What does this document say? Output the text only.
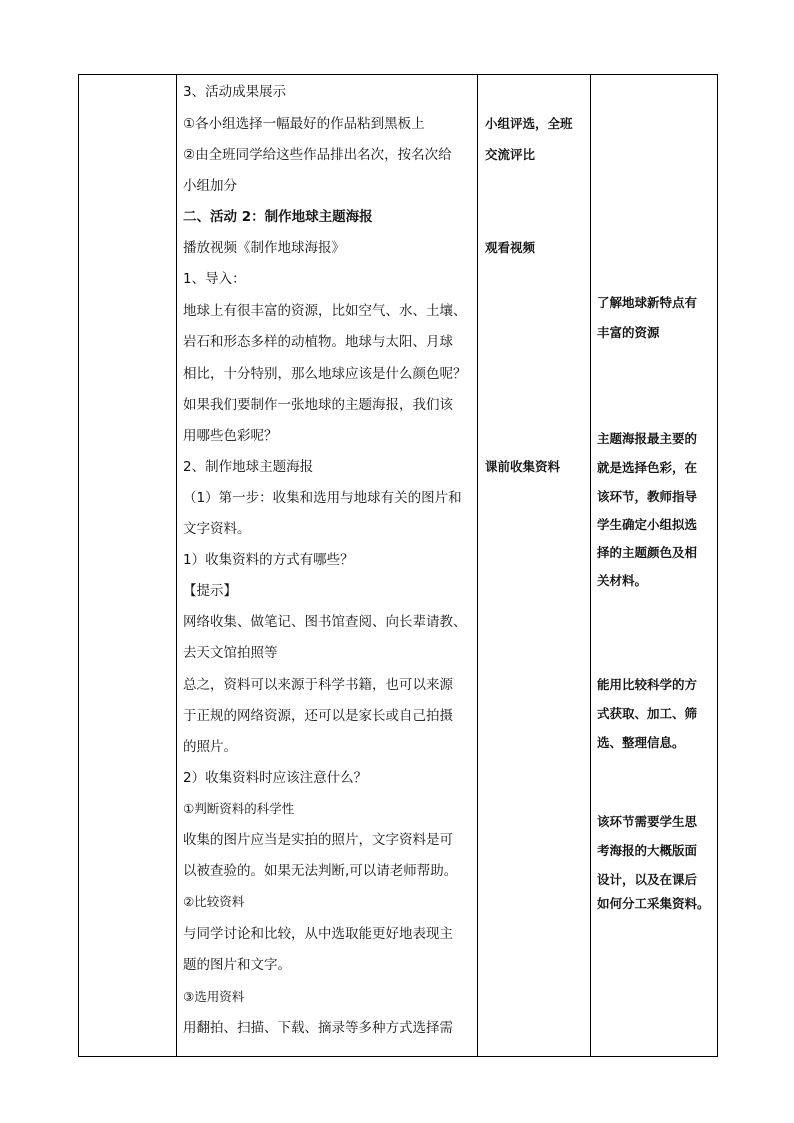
3、活动成果展示
①各小组选择一幅最好的作品粘到黑板上
②由全班同学给这些作品排出名次，按名次给
小组加分
二、活动 2：制作地球主题海报
播放视频《制作地球海报》
1、导入：
地球上有很丰富的资源，比如空气、水、土壤、
岩石和形态多样的动植物。地球与太阳、月球
相比，十分特别，那么地球应该是什么颜色呢？
如果我们要制作一张地球的主题海报，我们该
用哪些色彩呢？
2、制作地球主题海报
（1）第一步：收集和选用与地球有关的图片和
文字资料。
1）收集资料的方式有哪些？
【提示】
网络收集、做笔记、图书馆查阅、向长辈请教、
去天文馆拍照等
总之，资料可以来源于科学书籍，也可以来源
于正规的网络资源，还可以是家长或自己拍摄
的照片。
2）收集资料时应该注意什么？
①判断资料的科学性
收集的图片应当是实拍的照片，文字资料是可
以被查验的。如果无法判断,可以请老师帮助。
②比较资料
与同学讨论和比较，从中选取能更好地表现主
题的图片和文字。
③选用资料
用翻拍、扫描、下载、摘录等多种方式选择需
小组评选，全班
交流评比
观看视频
课前收集资料
了解地球新特点有
丰富的资源
主题海报最主要的
就是选择色彩，在
该环节，教师指导
学生确定小组拟选
择的主题颜色及相
关材料。
能用比较科学的方
式获取、加工、筛
选、整理信息。
该环节需要学生思
考海报的大概版面
设计，以及在课后
如何分工采集资料。
